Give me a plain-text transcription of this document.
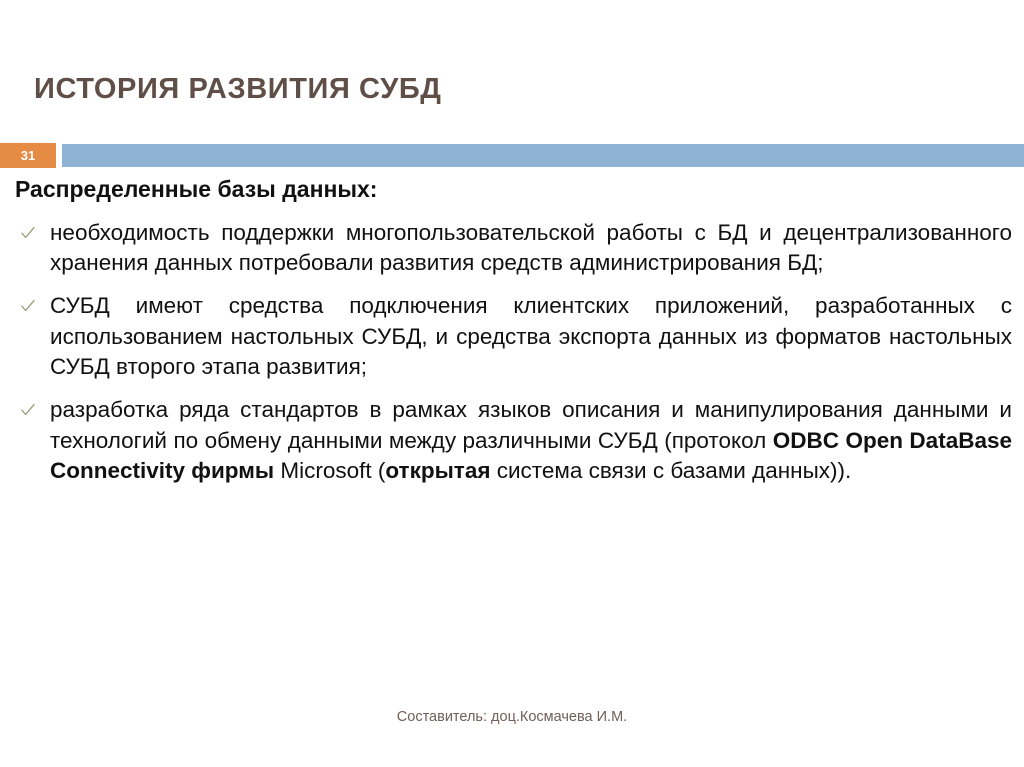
ИСТОРИЯ РАЗВИТИЯ СУБД
31
Распределенные базы данных:
необходимость поддержки многопользовательской работы с БД и децентрализованного хранения данных потребовали развития средств администрирования БД;
СУБД имеют средства подключения клиентских приложений, разработанных с использованием настольных СУБД, и средства экспорта данных из форматов настольных СУБД второго этапа развития;
разработка ряда стандартов в рамках языков описания и манипулирования данными и технологий по обмену данными между различными СУБД (протокол ODBC Open DataBase Connectivity фирмы Microsoft (открытая система связи с базами данных)).
Составитель: доц.Космачева И.М.
